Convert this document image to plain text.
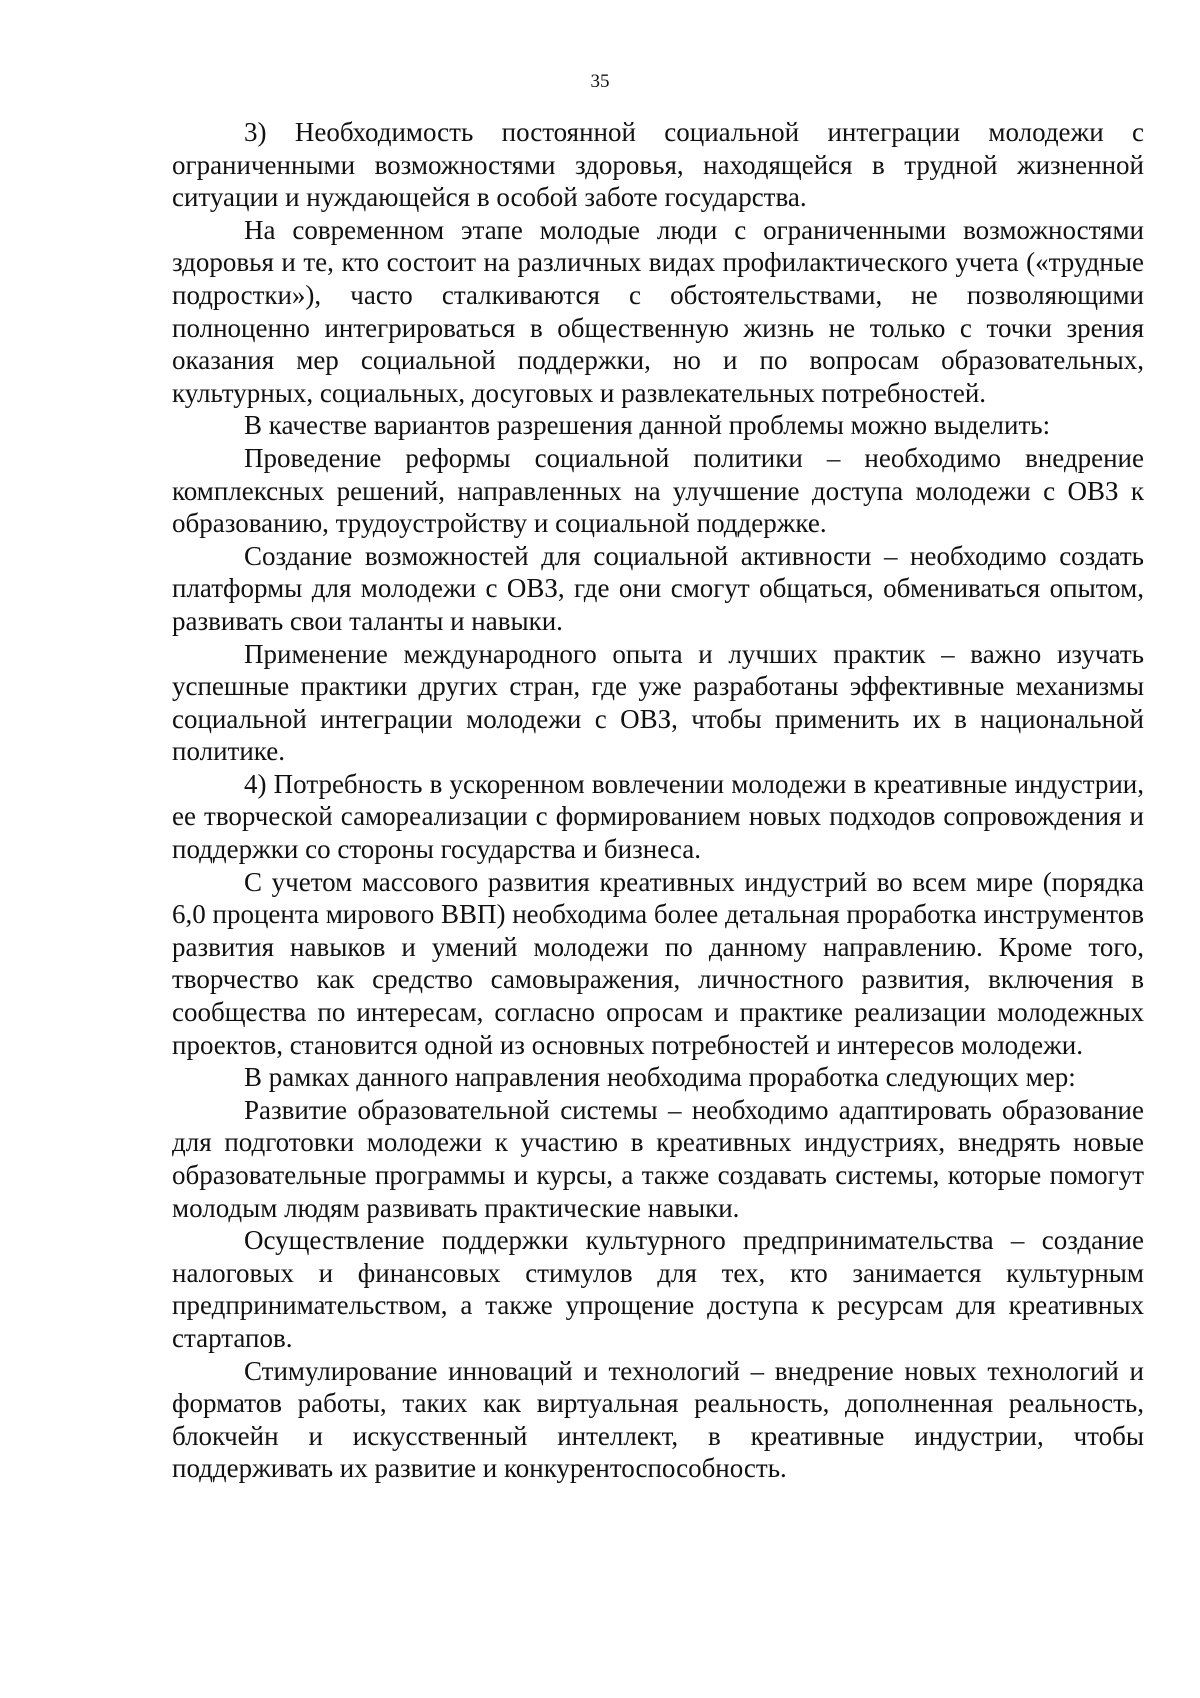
35

3) Необходимость постоянной социальной интеграции молодежи с ограниченными возможностями здоровья, находящейся в трудной жизненной ситуации и нуждающейся в особой заботе государства.

На современном этапе молодые люди с ограниченными возможностями здоровья и те, кто состоит на различных видах профилактического учета («трудные подростки»), часто сталкиваются с обстоятельствами, не позволяющими полноценно интегрироваться в общественную жизнь не только с точки зрения оказания мер социальной поддержки, но и по вопросам образовательных, культурных, социальных, досуговых и развлекательных потребностей.

В качестве вариантов разрешения данной проблемы можно выделить:

Проведение реформы социальной политики – необходимо внедрение комплексных решений, направленных на улучшение доступа молодежи с ОВЗ к образованию, трудоустройству и социальной поддержке.

Создание возможностей для социальной активности – необходимо создать платформы для молодежи с ОВЗ, где они смогут общаться, обмениваться опытом, развивать свои таланты и навыки.

Применение международного опыта и лучших практик – важно изучать успешные практики других стран, где уже разработаны эффективные механизмы социальной интеграции молодежи с ОВЗ, чтобы применить их в национальной политике.

4) Потребность в ускоренном вовлечении молодежи в креативные индустрии, ее творческой самореализации с формированием новых подходов сопровождения и поддержки со стороны государства и бизнеса.

С учетом массового развития креативных индустрий во всем мире (порядка 6,0 процента мирового ВВП) необходима более детальная проработка инструментов развития навыков и умений молодежи по данному направлению. Кроме того, творчество как средство самовыражения, личностного развития, включения в сообщества по интересам, согласно опросам и практике реализации молодежных проектов, становится одной из основных потребностей и интересов молодежи.

В рамках данного направления необходима проработка следующих мер:

Развитие образовательной системы – необходимо адаптировать образование для подготовки молодежи к участию в креативных индустриях, внедрять новые образовательные программы и курсы, а также создавать системы, которые помогут молодым людям развивать практические навыки.

Осуществление поддержки культурного предпринимательства – создание налоговых и финансовых стимулов для тех, кто занимается культурным предпринимательством, а также упрощение доступа к ресурсам для креативных стартапов.

Стимулирование инноваций и технологий – внедрение новых технологий и форматов работы, таких как виртуальная реальность, дополненная реальность, блокчейн и искусственный интеллект, в креативные индустрии, чтобы поддерживать их развитие и конкурентоспособность.
